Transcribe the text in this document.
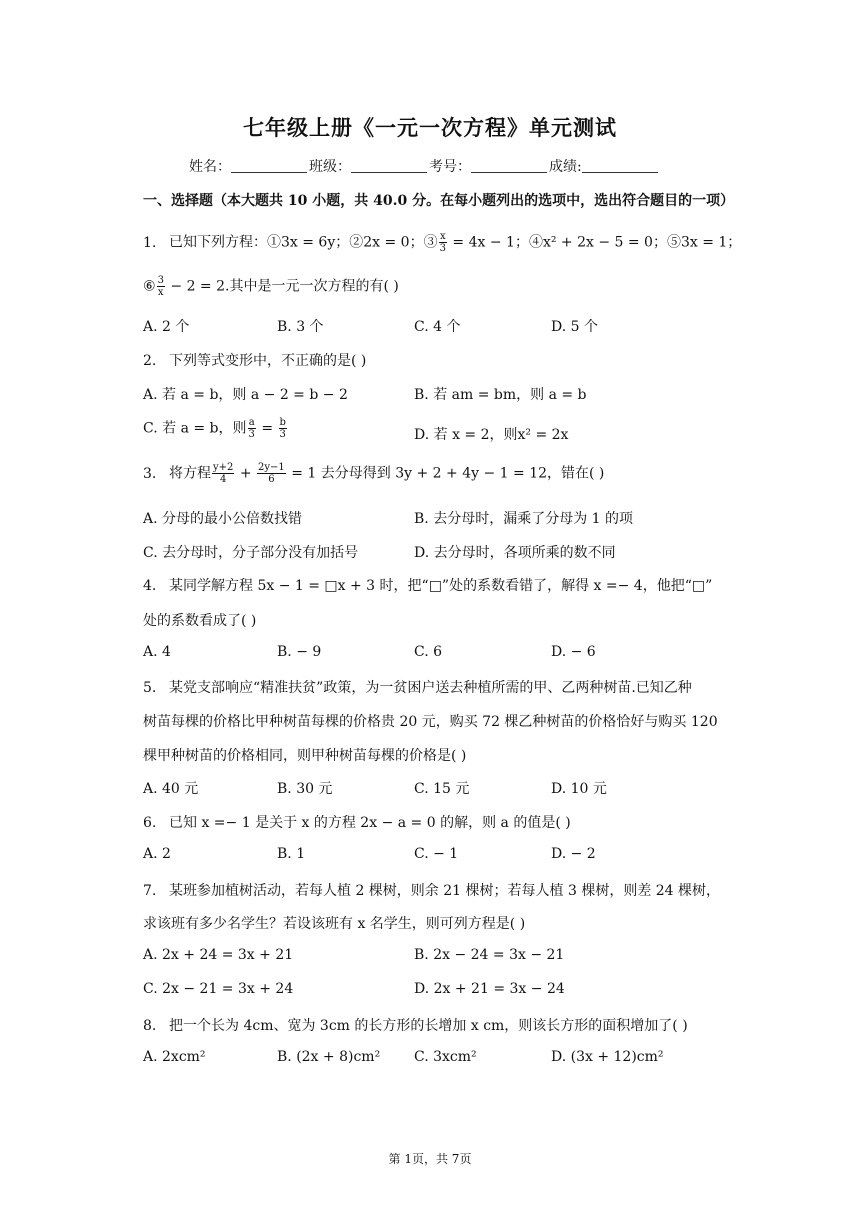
七年级上册《一元一次方程》单元测试
姓名：	班级：	考号：	成绩:
一、选择题（本大题共 10 小题，共 40.0 分。在每小题列出的选项中，选出符合题目的一项）
1. 已知下列方程：①3x = 6y；②2x = 0；③ $\frac{x}{3} = 4x - 1$；④x² + 2x − 5 = 0；⑤3x = 1；
⑥ $\frac{3}{x} - 2 = 2$.其中是一元一次方程的有( )
A. 2 个	B. 3 个	C. 4 个	D. 5 个
2. 下列等式变形中，不正确的是( )
A. 若 a = b，则 a − 2 = b − 2	B. 若 am = bm，则 a = b
C. 若 a = b，则 $\frac{a}{3} = \frac{b}{3}$	D. 若 x = 2，则x² = 2x
3. 将方程 $\frac{y+2}{4} + \frac{2y-1}{6} = 1$ 去分母得到 3y + 2 + 4y − 1 = 12，错在( )
A. 分母的最小公倍数找错	B. 去分母时，漏乘了分母为 1 的项
C. 去分母时，分子部分没有加括号	D. 去分母时，各项所乘的数不同
4. 某同学解方程 5x − 1 = □x + 3 时，把“□”处的系数看错了，解得 x =− 4，他把“□”
处的系数看成了( )
A. 4	B. − 9	C. 6	D. − 6
5. 某党支部响应“精准扶贫”政策，为一贫困户送去种植所需的甲、乙两种树苗.已知乙种
树苗每棵的价格比甲种树苗每棵的价格贵 20 元，购买 72 棵乙种树苗的价格恰好与购买 120
棵甲种树苗的价格相同，则甲种树苗每棵的价格是( )
A. 40 元	B. 30 元	C. 15 元	D. 10 元
6. 已知 x =− 1 是关于 x 的方程 2x − a = 0 的解，则 a 的值是( )
A. 2	B. 1	C. − 1	D. − 2
7. 某班参加植树活动，若每人植 2 棵树，则余 21 棵树；若每人植 3 棵树，则差 24 棵树，
求该班有多少名学生？若设该班有 x 名学生，则可列方程是( )
A. 2x + 24 = 3x + 21	B. 2x − 24 = 3x − 21
C. 2x − 21 = 3x + 24	D. 2x + 21 = 3x − 24
8. 把一个长为 4cm、宽为 3cm 的长方形的长增加 x cm，则该长方形的面积增加了( )
A. 2xcm²	B. (2x + 8)cm² C. 3xcm²	D. (3x + 12)cm²
第 1页，共 7页
